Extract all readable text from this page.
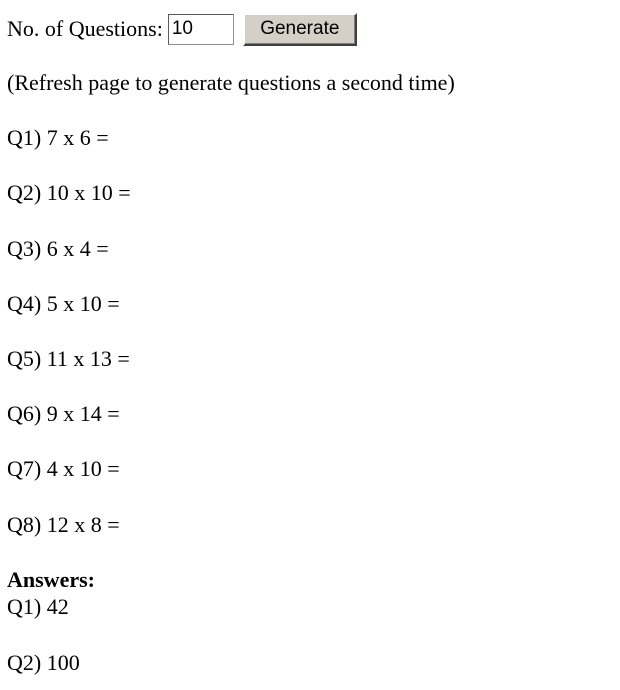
No. of Questions:
10	Generate
(Refresh page to generate questions a second time)
Q1) 7 x 6 =
Q2) 10 x 10 =
Q3) 6 x 4 =
Q4) 5 x 10 =
Q5) 11 x 13 =
Q6) 9 x 14 =
Q7) 4 x 10 =
Q8) 12 x 8 =
Answers:
Q1) 42
Q2) 100
